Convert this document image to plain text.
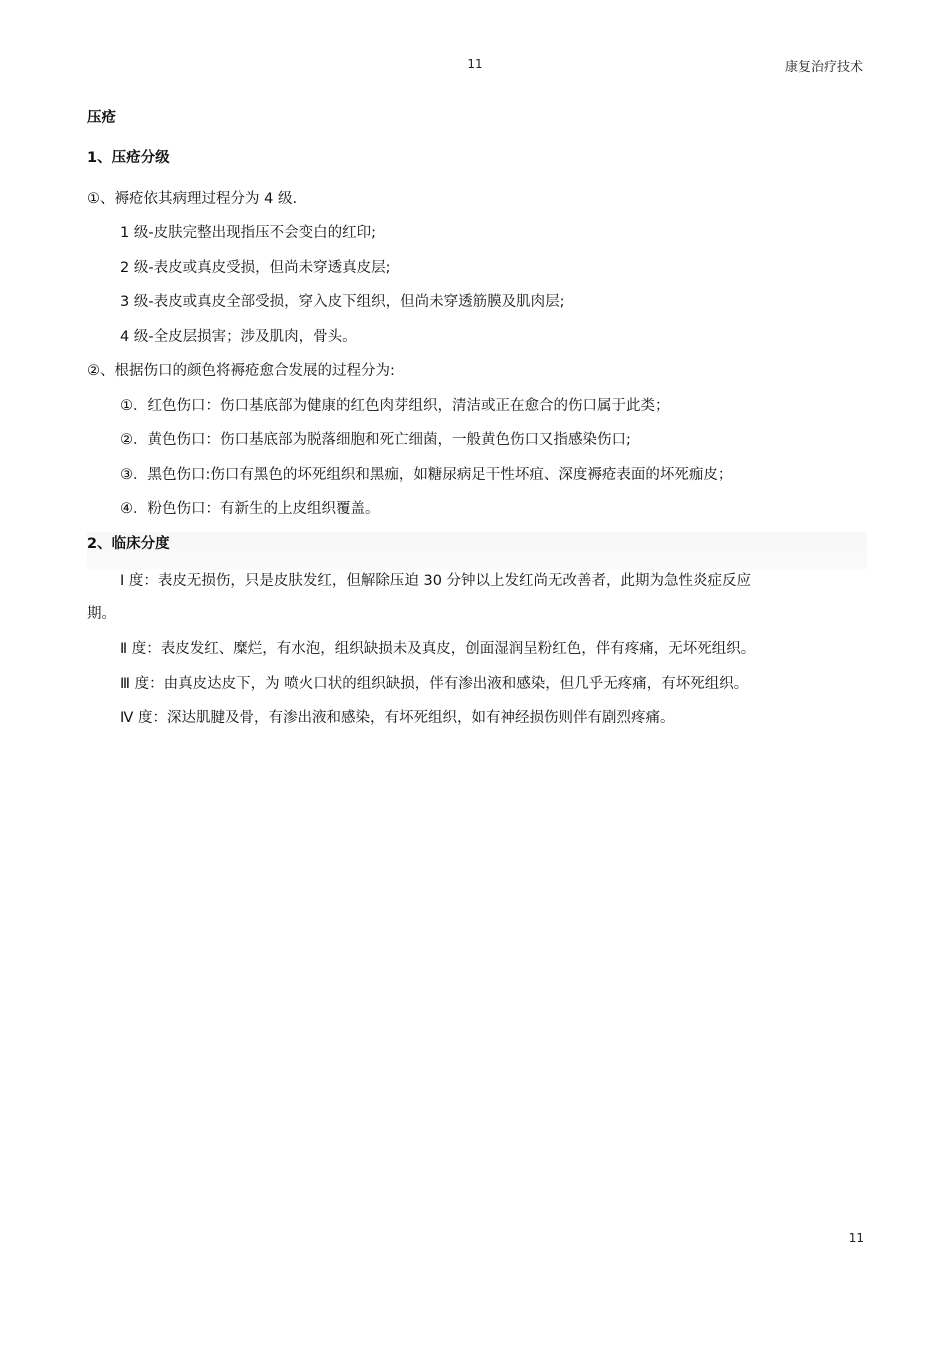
11	康复治疗技术
压疮
1、压疮分级
①、褥疮依其病理过程分为 4 级.
1 级-皮肤完整出现指压不会变白的红印;
2 级-表皮或真皮受损，但尚未穿透真皮层;
3 级-表皮或真皮全部受损，穿入皮下组织，但尚未穿透筋膜及肌肉层;
4 级-全皮层损害；涉及肌肉，骨头。
②、根据伤口的颜色将褥疮愈合发展的过程分为:
①．红色伤口：伤口基底部为健康的红色肉芽组织，清洁或正在愈合的伤口属于此类；
②．黄色伤口：伤口基底部为脱落细胞和死亡细菌，一般黄色伤口又指感染伤口;
③．黑色伤口:伤口有黑色的坏死组织和黑痂，如糖尿病足干性坏疽、深度褥疮表面的坏死痂皮；
④．粉色伤口：有新生的上皮组织覆盖。
2、临床分度
Ⅰ 度：表皮无损伤，只是皮肤发红，但解除压迫 30 分钟以上发红尚无改善者，此期为急性炎症反应
期。
Ⅱ 度：表皮发红、糜烂，有水泡，组织缺损未及真皮，创面湿润呈粉红色，伴有疼痛，无坏死组织。
Ⅲ 度：由真皮达皮下，为 喷火口状的组织缺损，伴有渗出液和感染，但几乎无疼痛，有坏死组织。
Ⅳ 度：深达肌腱及骨，有渗出液和感染，有坏死组织，如有神经损伤则伴有剧烈疼痛。
11
